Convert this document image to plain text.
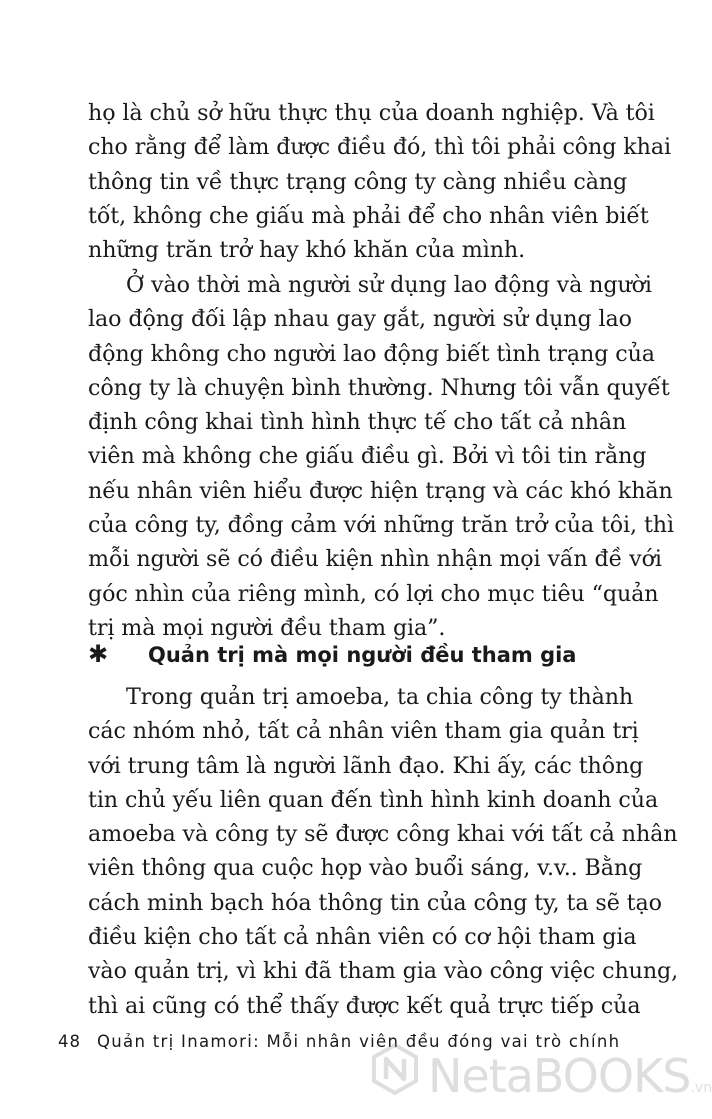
họ là chủ sở hữu thực thụ của doanh nghiệp. Và tôi
cho rằng để làm được điều đó, thì tôi phải công khai
thông tin về thực trạng công ty càng nhiều càng
tốt, không che giấu mà phải để cho nhân viên biết
những trăn trở hay khó khăn của mình.
Ở vào thời mà người sử dụng lao động và người
lao động đối lập nhau gay gắt, người sử dụng lao
động không cho người lao động biết tình trạng của
công ty là chuyện bình thường. Nhưng tôi vẫn quyết
định công khai tình hình thực tế cho tất cả nhân
viên mà không che giấu điều gì. Bởi vì tôi tin rằng
nếu nhân viên hiểu được hiện trạng và các khó khăn
của công ty, đồng cảm với những trăn trở của tôi, thì
mỗi người sẽ có điều kiện nhìn nhận mọi vấn đề với
góc nhìn của riêng mình, có lợi cho mục tiêu “quản
trị mà mọi người đều tham gia”.
✱ Quản trị mà mọi người đều tham gia
Trong quản trị amoeba, ta chia công ty thành
các nhóm nhỏ, tất cả nhân viên tham gia quản trị
với trung tâm là người lãnh đạo. Khi ấy, các thông
tin chủ yếu liên quan đến tình hình kinh doanh của
amoeba và công ty sẽ được công khai với tất cả nhân
viên thông qua cuộc họp vào buổi sáng, v.v.. Bằng
cách minh bạch hóa thông tin của công ty, ta sẽ tạo
điều kiện cho tất cả nhân viên có cơ hội tham gia
vào quản trị, vì khi đã tham gia vào công việc chung,
thì ai cũng có thể thấy được kết quả trực tiếp của
48 Quản trị Inamori: Mỗi nhân viên đều đóng vai trò chính
NetaBOOKS.vn
